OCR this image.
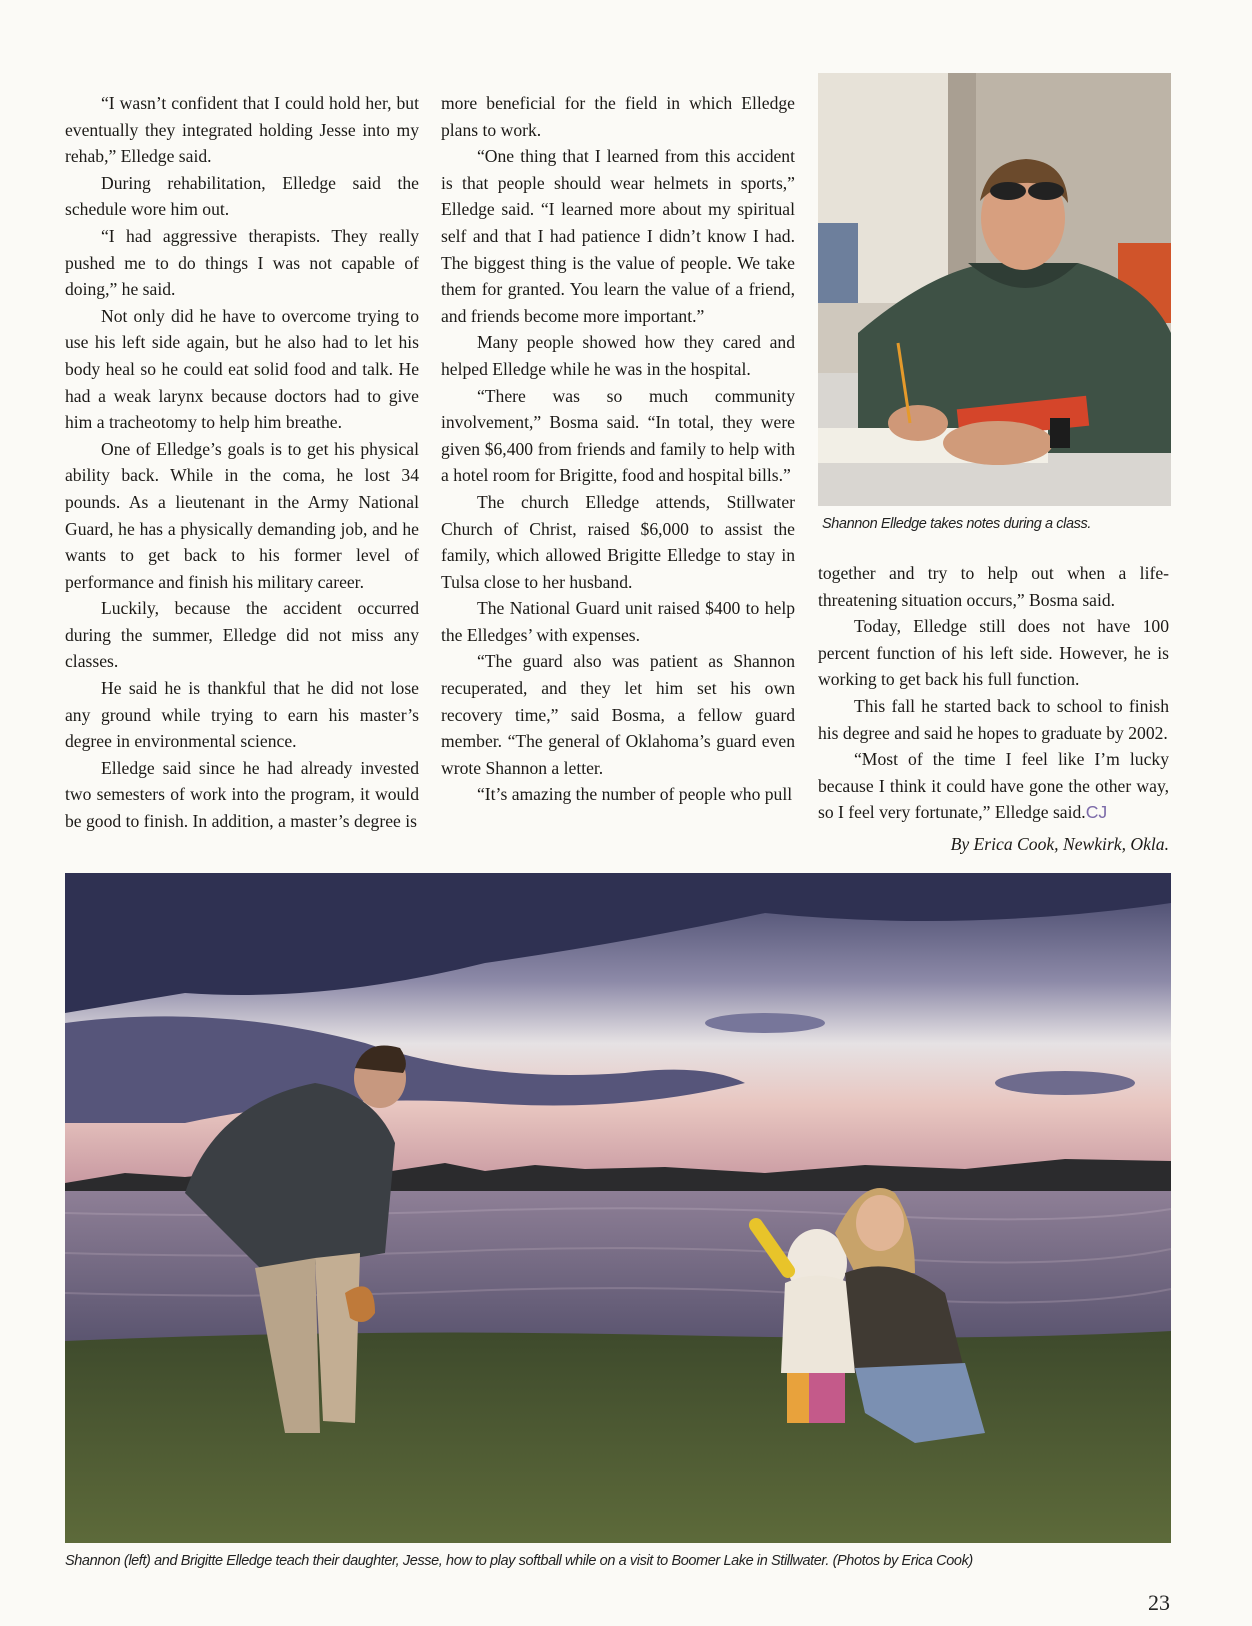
“I wasn’t confident that I could hold her, but eventually they integrated holding Jesse into my rehab,” Elledge said.

During rehabilitation, Elledge said the schedule wore him out.

“I had aggressive therapists. They really pushed me to do things I was not capable of doing,” he said.

Not only did he have to overcome trying to use his left side again, but he also had to let his body heal so he could eat solid food and talk. He had a weak larynx because doctors had to give him a tracheotomy to help him breathe.

One of Elledge’s goals is to get his physical ability back. While in the coma, he lost 34 pounds. As a lieutenant in the Army National Guard, he has a physically demanding job, and he wants to get back to his former level of performance and finish his military career.

Luckily, because the accident occurred during the summer, Elledge did not miss any classes.

He said he is thankful that he did not lose any ground while trying to earn his master’s degree in environmental science.

Elledge said since he had already invested two semesters of work into the program, it would be good to finish. In addition, a master’s degree is

more beneficial for the field in which Elledge plans to work.

“One thing that I learned from this accident is that people should wear helmets in sports,” Elledge said. “I learned more about my spiritual self and that I had patience I didn’t know I had. The biggest thing is the value of people. We take them for granted. You learn the value of a friend, and friends become more important.”

Many people showed how they cared and helped Elledge while he was in the hospital.

“There was so much community involvement,” Bosma said. “In total, they were given $6,400 from friends and family to help with a hotel room for Brigitte, food and hospital bills.”

The church Elledge attends, Stillwater Church of Christ, raised $6,000 to assist the family, which allowed Brigitte Elledge to stay in Tulsa close to her husband.

The National Guard unit raised $400 to help the Elledges’ with expenses.

“The guard also was patient as Shannon recuperated, and they let him set his own recovery time,” said Bosma, a fellow guard member. “The general of Oklahoma’s guard even wrote Shannon a letter.

“It’s amazing the number of people who pull

Shannon Elledge takes notes during a class.

together and try to help out when a life-threatening situation occurs,” Bosma said.

Today, Elledge still does not have 100 percent function of his left side. However, he is working to get back his full function.

This fall he started back to school to finish his degree and said he hopes to graduate by 2002.

“Most of the time I feel like I’m lucky because I think it could have gone the other way, so I feel very fortunate,” Elledge said.CJ

By Erica Cook, Newkirk, Okla.
Shannon (left) and Brigitte Elledge teach their daughter, Jesse, how to play softball while on a visit to Boomer Lake in Stillwater. (Photos by Erica Cook)
23
